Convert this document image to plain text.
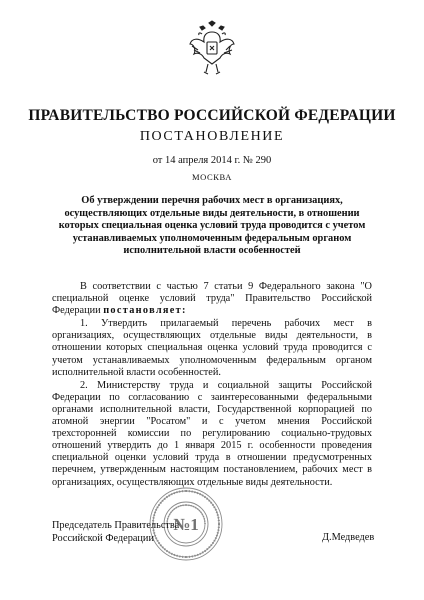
ПРАВИТЕЛЬСТВО РОССИЙСКОЙ ФЕДЕРАЦИИ
ПОСТАНОВЛЕНИЕ
от 14 апреля 2014 г. № 290
МОСКВА
Об утверждении перечня рабочих мест в организациях, осуществляющих отдельные виды деятельности, в отношении которых специальная оценка условий труда проводится с учетом устанавливаемых уполномоченным федеральным органом исполнительной власти особенностей

В соответствии с частью 7 статьи 9 Федерального закона "О специальной оценке условий труда" Правительство Российской Федерации постановляет:

1. Утвердить прилагаемый перечень рабочих мест в организациях, осуществляющих отдельные виды деятельности, в отношении которых специальная оценка условий труда проводится с учетом устанавливаемых уполномоченным федеральным органом исполнительной власти особенностей.

2. Министерству труда и социальной защиты Российской Федерации по согласованию с заинтересованными федеральными органами исполнительной власти, Государственной корпорацией по атомной энергии "Росатом" и с учетом мнения Российской трехсторонней комиссии по регулированию социально-трудовых отношений утвердить до 1 января 2015 г. особенности проведения специальной оценки условий труда в отношении предусмотренных перечнем, утвержденным настоящим постановлением, рабочих мест в организациях, осуществляющих отдельные виды деятельности.

№1
Председатель Правительства
Российской Федерации	Д.Медведев
